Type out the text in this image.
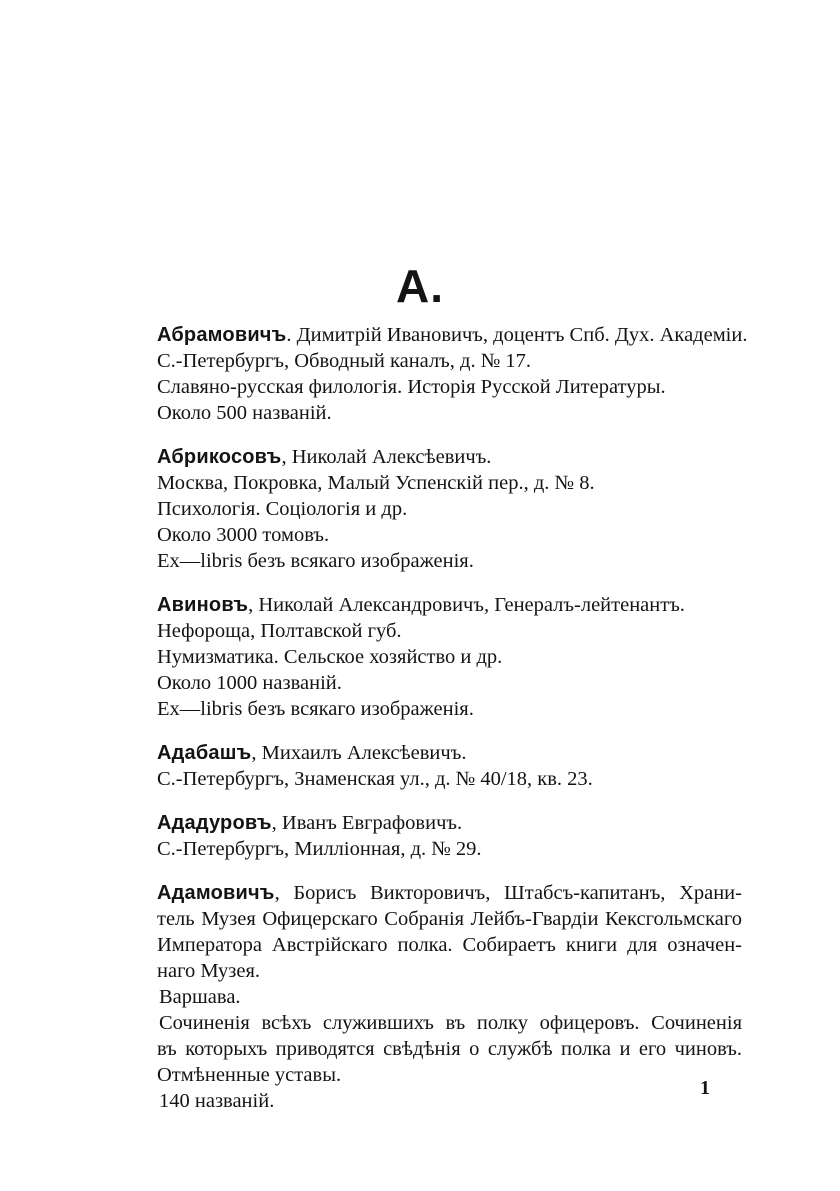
А.
Абрамовичъ. Димитрій Ивановичъ, доцентъ Спб. Дух. Академіи.
С.-Петербургъ, Обводный каналъ, д. № 17.
Славяно-русская филологія. Исторія Русской Литературы.
Около 500 названій.
Абрикосовъ, Николай Алексѣевичъ.
Москва, Покровка, Малый Успенскій пер., д. № 8.
Психологія. Соціологія и др.
Около 3000 томовъ.
Ex—libris безъ всякаго изображенія.
Авиновъ, Николай Александровичъ, Генералъ-лейтенантъ.
Нефороща, Полтавской губ.
Нумизматика. Сельское хозяйство и др.
Около 1000 названій.
Ex—libris безъ всякаго изображенія.
Адабашъ, Михаилъ Алексѣевичъ.
С.-Петербургъ, Знаменская ул., д. № 40/18, кв. 23.
Ададуровъ, Иванъ Евграфовичъ.
С.-Петербургъ, Милліонная, д. № 29.
Адамовичъ, Борисъ Викторовичъ, Штабсъ-капитанъ, Храни-
тель Музея Офицерскаго Собранія Лейбъ-Гвардіи Кексгольмскаго
Императора Австрійскаго полка. Собираетъ книги для означен-
наго Музея.
Варшава.
Сочиненія всѣхъ служившихъ въ полку офицеровъ. Сочиненія
въ которыхъ приводятся свѣдѣнія о службѣ полка и его чиновъ.
Отмѣненные уставы.
140 названій.
1
